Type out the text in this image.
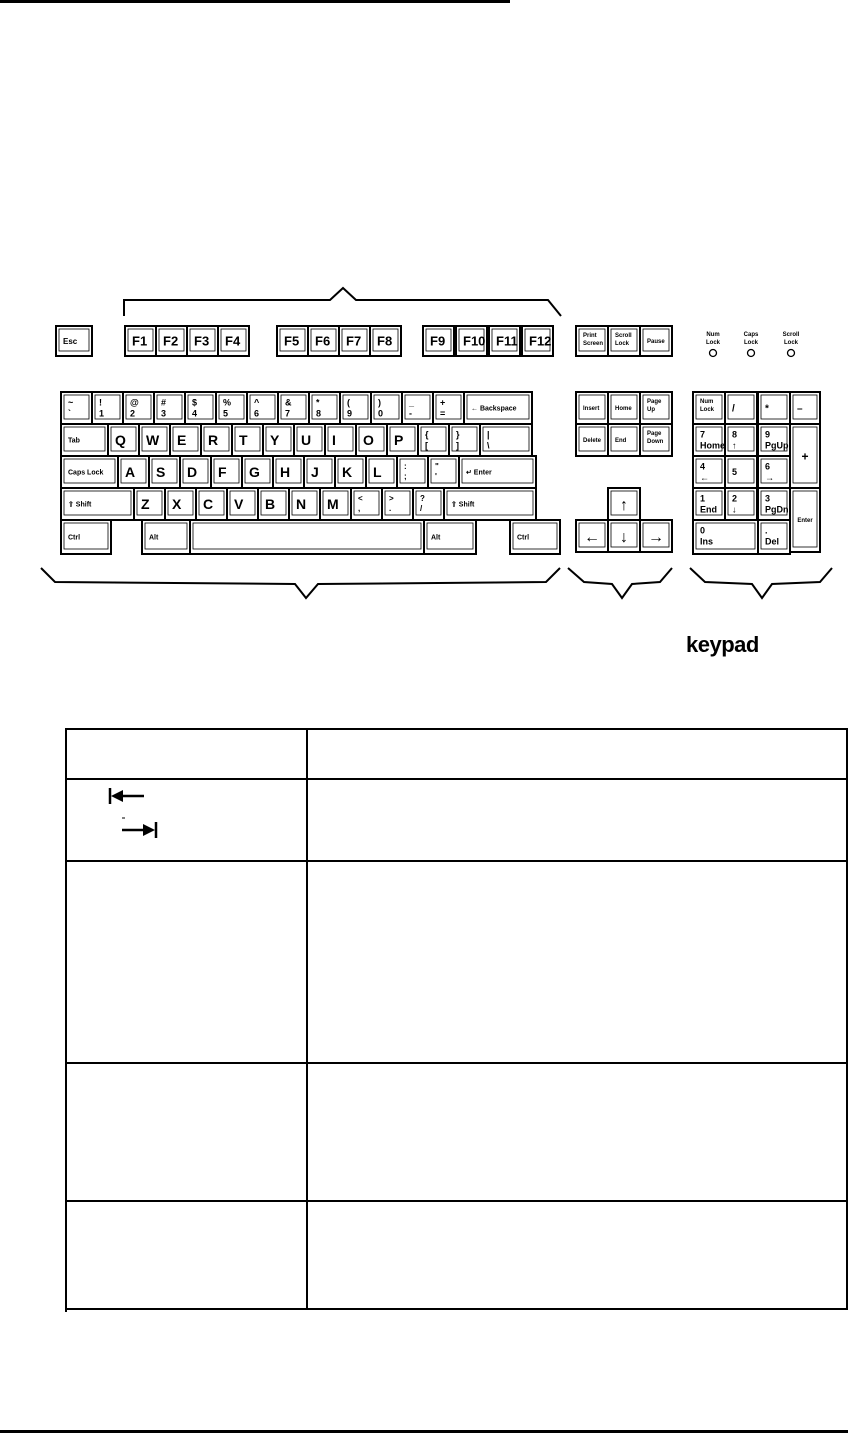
Esc	F1 F2 F3 F4	F5 F6 F7 F8	F9 F10 F11 F12	Print
Screen
Scroll
Lock	Pause
Num
Lock
Caps
Lock
Scroll
Lock
~
`
!
1
@
2
#
3
$
4
%
5
^
6
&
7
*
8
(
9
)
0
_
-
+
=	← Backspace
Tab	Q W E R T Y U I O P {
[
}
]
|
\
Caps Lock A S D F G H J K L	:
;
"
'	↵ Enter
⇧ Shift	Z X C V B N M <
,
>
.
?
/	⇧ Shift
Ctrl	Alt	Alt	Ctrl
Insert	Home
Page
Up
Delete End
Page
Down
↑
← ↓ →
Num
Lock /	*	–
7
Home
8
↑
9
PgUp
4
←
5
6
→
1
End
2
↓
3
PgDn
+
Enter
0
Ins
.
Del
keypad
